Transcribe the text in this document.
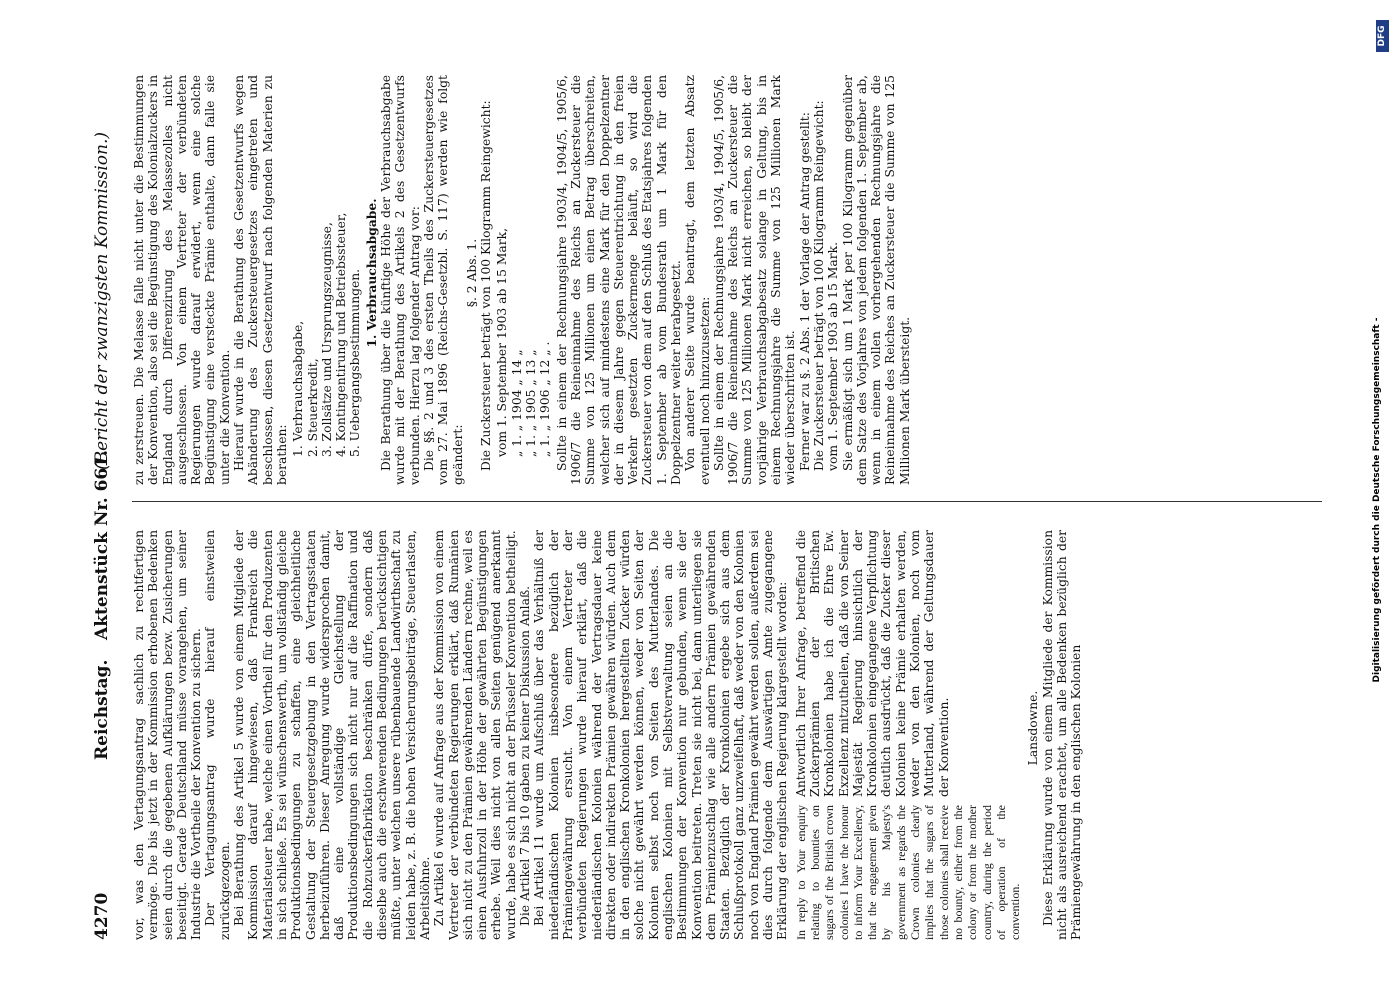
4270
Reichstag.
Aktenstück Nr. 661.
(Bericht der zwanzigsten Kommission.)

vor, was den Vertagungsantrag sachlich zu rechtfertigen vermöge. Die bis jetzt in der Kommission erhobenen Bedenken seien durch die gegebenen Aufklärungen bezw. Zusicherungen beseitigt. Gerade Deutschland müsse vorangehen, um seiner Industrie die Vortheile der Konvention zu sichern. Der Vertagungsantrag wurde hierauf einstweilen zurückgezogen. Bei Berathung des Artikel 5 wurde von einem Mitgliede der Kommission darauf hingewiesen, daß Frankreich die Materialsteuer habe, welche einen Vortheil für den Produzenten in sich schließe. Es sei wünschenswerth, um vollständig gleiche Produktionsbedingungen zu schaffen, eine gleichheitliche Gestaltung der Steuergesetzgebung in den Vertragsstaaten herbeizuführen. Dieser Anregung wurde widersprochen damit, daß eine vollständige Gleichstellung der Produktionsbedingungen sich nicht nur auf die Raffination und die Rohzuckerfabrikation beschränken dürfe, sondern daß dieselbe auch die erschwerenden Bedingungen berücksichtigen müßte, unter welchen unsere rübenbauende Landwirthschaft zu leiden habe, z. B. die hohen Versicherungsbeiträge, Steuerlasten, Arbeitslöhne. Zu Artikel 6 wurde auf Anfrage aus der Kommission von einem Vertreter der verbündeten Regierungen erklärt, daß Rumänien sich nicht zu den Prämien gewährenden Ländern rechne, weil es einen Ausfuhrzoll in der Höhe der gewährten Begünstigungen erhebe. Weil dies nicht von allen Seiten genügend anerkannt wurde, habe es sich nicht an der Brüsseler Konvention betheiligt. Die Artikel 7 bis 10 gaben zu keiner Diskussion Anlaß. Bei Artikel 11 wurde um Aufschluß über das Verhältniß der niederländischen Kolonien insbesondere bezüglich der Prämiengewährung ersucht. Von einem Vertreter der verbündeten Regierungen wurde hierauf erklärt, daß die niederländischen Kolonien während der Vertragsdauer keine direkten oder indirekten Prämien gewähren würden. Auch dem in den englischen Kronkolonien hergestellten Zucker würden solche nicht gewährt werden können, weder von Seiten der Kolonien selbst noch von Seiten des Mutterlandes. Die englischen Kolonien mit Selbstverwaltung seien an die Bestimmungen der Konvention nur gebunden, wenn sie der Konvention beitreten. Treten sie nicht bei, dann unterliegen sie dem Prämienzuschlag wie alle andern Prämien gewährenden Staaten. Bezüglich der Kronkolonien ergebe sich aus dem Schlußprotokoll ganz unzweifelhaft, daß weder von den Kolonien noch von England Prämien gewährt werden sollen, außerdem sei dies durch folgende dem Auswärtigen Amte zugegangene Erklärung der englischen Regierung klargestellt worden: In reply to Your enquiry relating to bounties on sugars of the British crown colonies I have the honour to inform Your Excellency, that the engagement given by his Majesty's government as regards the Crown colonies clearly implies that the sugars of those colonies shall receive no bounty, either from the colony or from the mother country, during the period of operation of the convention.
Antwortlich Ihrer Anfrage, betreffend die Zuckerprämien der Britischen Kronkolonien habe ich die Ehre Ew. Exzellenz mitzutheilen, daß die von Seiner Majestät Regierung hinsichtlich der Kronkolonien eingegangene Verpflichtung deutlich ausdrückt, daß die Zucker dieser Kolonien keine Prämie erhalten werden, weder von den Kolonien, noch vom Mutterland, während der Geltungsdauer der Konvention.	Lansdowne. Diese Erklärung wurde von einem Mitgliede der Kommission nicht als ausreichend erachtet, um alle Bedenken bezüglich der Prämiengewährung in den englischen Kolonien

zu zerstreuen. Die Melasse falle nicht unter die Bestimmungen der Konvention, also sei die Begünstigung des Kolonialzuckers in England durch Differenzirung des Melassezolles nicht ausgeschlossen. Von einem Vertreter der verbündeten Regierungen wurde darauf erwidert, wenn eine solche Begünstigung eine versteckte Prämie enthalte, dann falle sie unter die Konvention. Hierauf wurde in die Berathung des Gesetzentwurfs wegen Abänderung des Zuckersteuergesetzes eingetreten und beschlossen, diesen Gesetzentwurf nach folgenden Materien zu berathen: 1. Verbrauchsabgabe, 2. Steuerkredit, 3. Zollsätze und Ursprungszeugnisse, 4. Kontingentirung und Betriebssteuer, 5. Uebergangsbestimmungen. 1. Verbrauchsabgabe. Die Berathung über die künftige Höhe der Verbrauchsabgabe wurde mit der Berathung des Artikels 2 des Gesetzentwurfs verbunden. Hierzu lag folgender Antrag vor: Die §§. 2 und 3 des ersten Theils des Zuckersteuergesetzes vom 27. Mai 1896 (Reichs-Gesetzbl. S. 117) werden wie folgt geändert:

§. 2 Abs. 1. Die Zuckersteuer beträgt von 100 Kilogramm Reingewicht: vom 1. September 1903 ab 15 Mark, „ 1. „ 1904 „ 14 „ „ 1. „ 1905 „ 13 „ „ 1. „ 1906 „ 12 „ . Sollte in einem der Rechnungsjahre 1903/4, 1904/5, 1905/6, 1906/7 die Reineinnahme des Reichs an Zuckersteuer die Summe von 125 Millionen um einen Betrag überschreiten, welcher sich auf mindestens eine Mark für den Doppelzentner der in diesem Jahre gegen Steuerentrichtung in den freien Verkehr gesetzten Zuckermenge beläuft, so wird die Zuckersteuer von dem auf den Schluß des Etatsjahres folgenden 1. September ab vom Bundesrath um 1 Mark für den Doppelzentner weiter herabgesetzt. Von anderer Seite wurde beantragt, dem letzten Absatz eventuell noch hinzuzusetzen: Sollte in einem der Rechnungsjahre 1903/4, 1904/5, 1905/6, 1906/7 die Reineinnahme des Reichs an Zuckersteuer die Summe von 125 Millionen Mark nicht erreichen, so bleibt der vorjährige Verbrauchsabgabesatz solange in Geltung, bis in einem Rechnungsjahre die Summe von 125 Millionen Mark wieder überschritten ist. Ferner war zu §. 2 Abs. 1 der Vorlage der Antrag gestellt: Die Zuckersteuer beträgt von 100 Kilogramm Reingewicht: vom 1. September 1903 ab 15 Mark. Sie ermäßigt sich um 1 Mark per 100 Kilogramm gegenüber dem Satze des Vorjahres von jedem folgenden 1. September ab, wenn in einem vollen vorhergehenden Rechnungsjahre die Reineinnahme des Reiches an Zuckersteuer die Summe von 125 Millionen Mark übersteigt.	Digitalisierung gefördert durch die Deutsche Forschungsgemeinschaft -
DFG
